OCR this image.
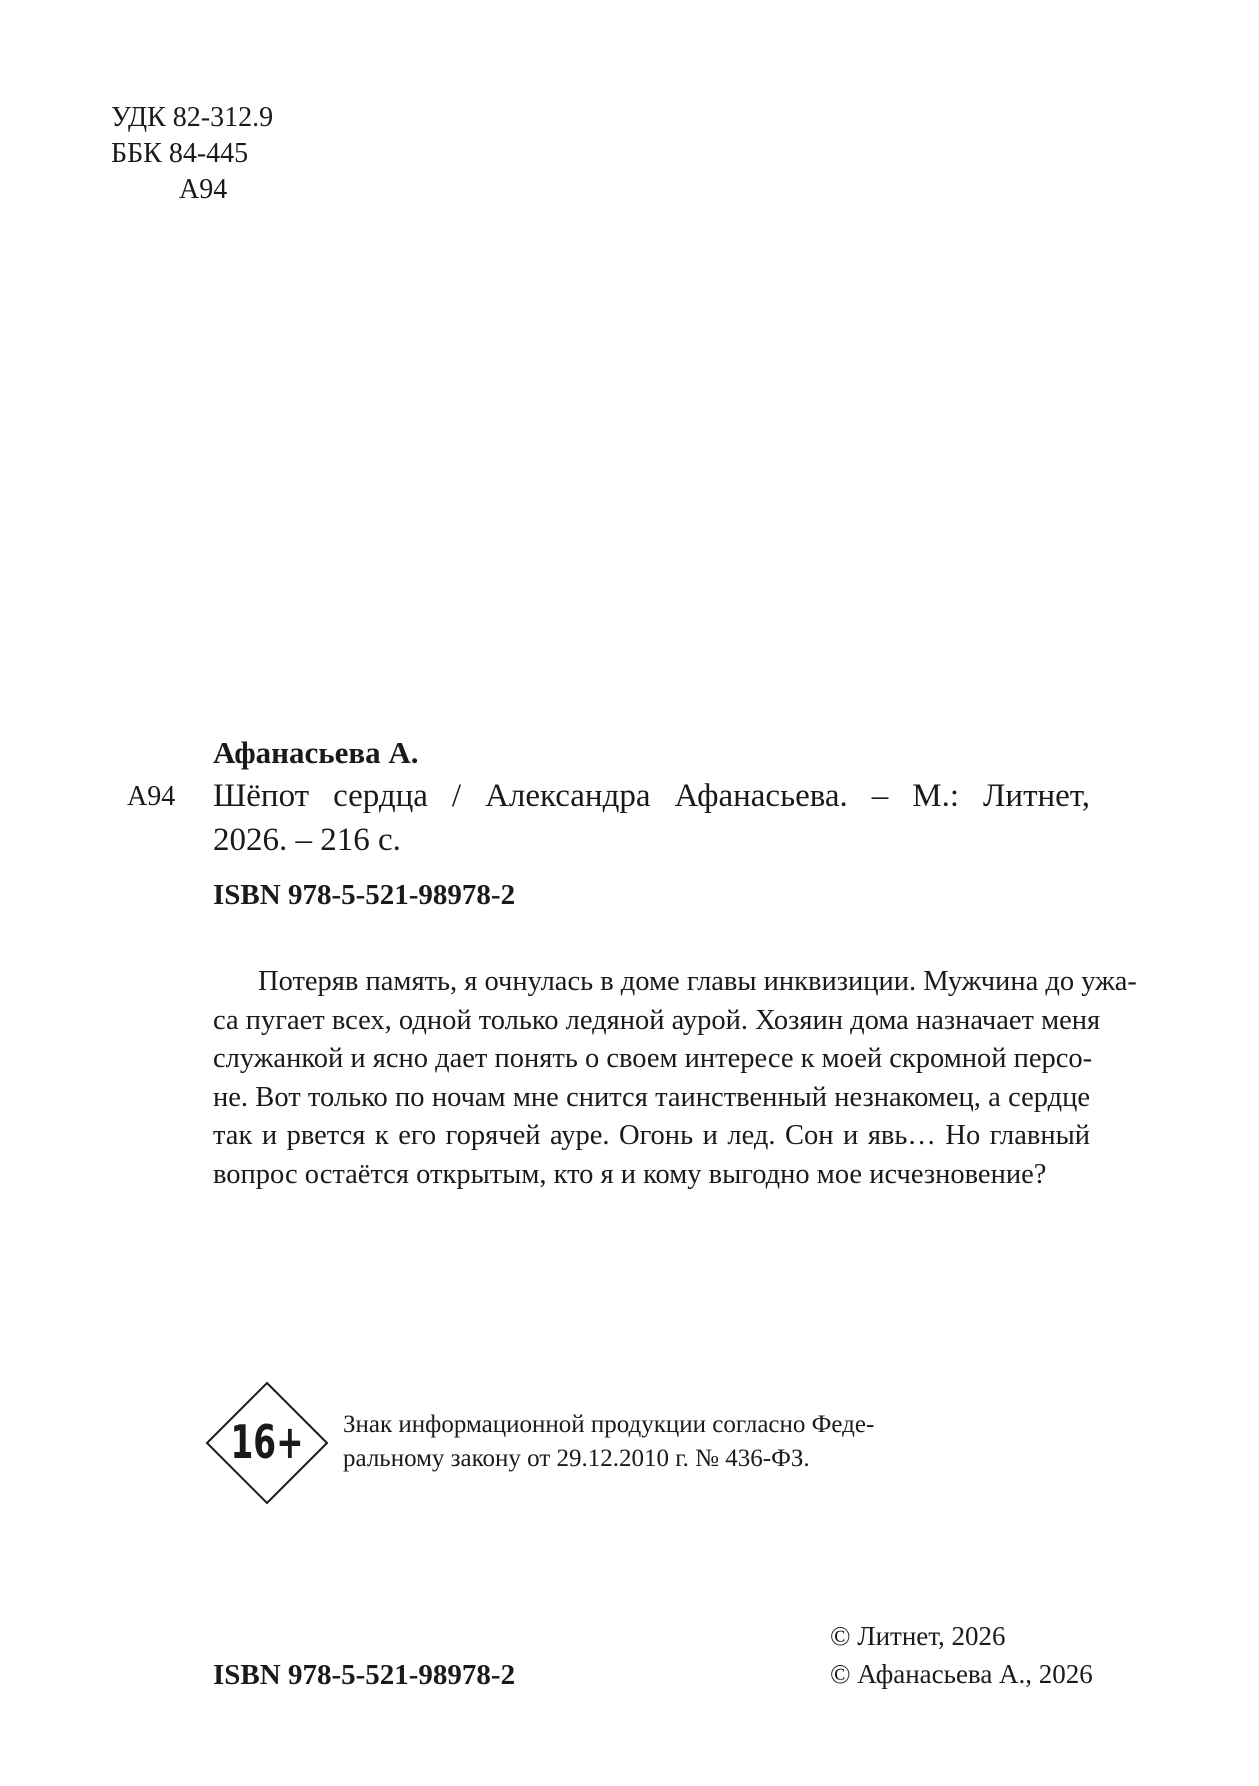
УДК 82-312.9
ББК 84-445
А94
Афанасьева А.
А94 Шёпот сердца / Александра Афанасьева. – М.: Литнет,
2026. – 216 с.
ISBN 978-5-521-98978-2
Потеряв память, я очнулась в доме главы инквизиции. Мужчина до ужа-
са пугает всех, одной только ледяной аурой. Хозяин дома назначает меня
служанкой и ясно дает понять о своем интересе к моей скромной персо-
не. Вот только по ночам мне снится таинственный незнакомец, а сердце
так и рвется к его горячей ауре. Огонь и лед. Сон и явь… Но главный
вопрос остаётся открытым, кто я и кому выгодно мое исчезновение?
16+ Знак информационной продукции согласно Феде-
ральному закону от 29.12.2010 г. № 436-ФЗ.
© Литнет, 2026
© Афанасьева А., 2026
ISBN 978-5-521-98978-2
